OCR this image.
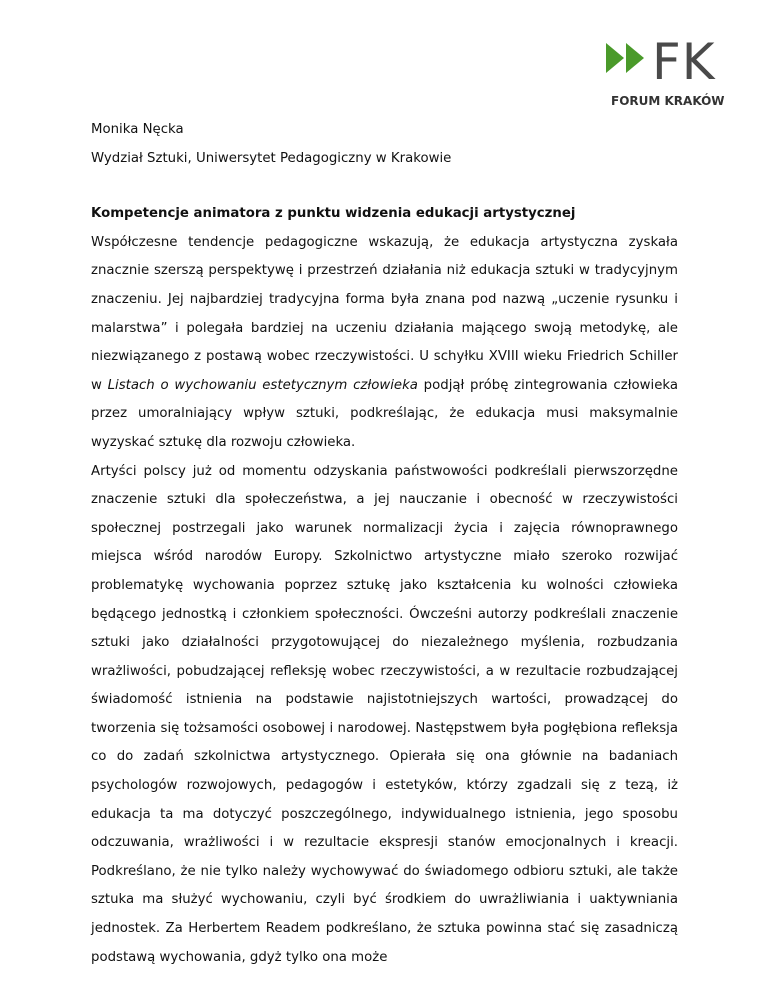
FK
FORUM KRAKÓW

Monika Nęcka

Wydział Sztuki, Uniwersytet Pedagogiczny w Krakowie

Kompetencje animatora z punktu widzenia edukacji artystycznej

Współczesne tendencje pedagogiczne wskazują, że edukacja artystyczna zyskała znacznie szerszą perspektywę i przestrzeń działania niż edukacja sztuki w tradycyjnym znaczeniu. Jej najbardziej tradycyjna forma była znana pod nazwą „uczenie rysunku i malarstwa” i polegała bardziej na uczeniu działania mającego swoją metodykę, ale niezwiązanego z postawą wobec rzeczywistości. U schyłku XVIII wieku Friedrich Schiller w Listach o wychowaniu estetycznym człowieka podjął próbę zintegrowania człowieka przez umoralniający wpływ sztuki, podkreślając, że edukacja musi maksymalnie wyzyskać sztukę dla rozwoju człowieka.

Artyści polscy już od momentu odzyskania państwowości podkreślali pierwszorzędne znaczenie sztuki dla społeczeństwa, a jej nauczanie i obecność w rzeczywistości społecznej postrzegali jako warunek normalizacji życia i zajęcia równoprawnego miejsca wśród narodów Europy. Szkolnictwo artystyczne miało szeroko rozwijać problematykę wychowania poprzez sztukę jako kształcenia ku wolności człowieka będącego jednostką i członkiem społeczności. Ówcześni autorzy podkreślali znaczenie sztuki jako działalności przygotowującej do niezależnego myślenia, rozbudzania wrażliwości, pobudzającej refleksję wobec rzeczywistości, a w rezultacie rozbudzającej świadomość istnienia na podstawie najistotniejszych wartości, prowadzącej do tworzenia się tożsamości osobowej i narodowej. Następstwem była pogłębiona refleksja co do zadań szkolnictwa artystycznego. Opierała się ona głównie na badaniach psychologów rozwojowych, pedagogów i estetyków, którzy zgadzali się z tezą, iż edukacja ta ma dotyczyć poszczególnego, indywidualnego istnienia, jego sposobu odczuwania, wrażliwości i w rezultacie ekspresji stanów emocjonalnych i kreacji. Podkreślano, że nie tylko należy wychowywać do świadomego odbioru sztuki, ale także sztuka ma służyć wychowaniu, czyli być środkiem do uwrażliwiania i uaktywniania jednostek. Za Herbertem Readem podkreślano, że sztuka powinna stać się zasadniczą podstawą wychowania, gdyż tylko ona może
